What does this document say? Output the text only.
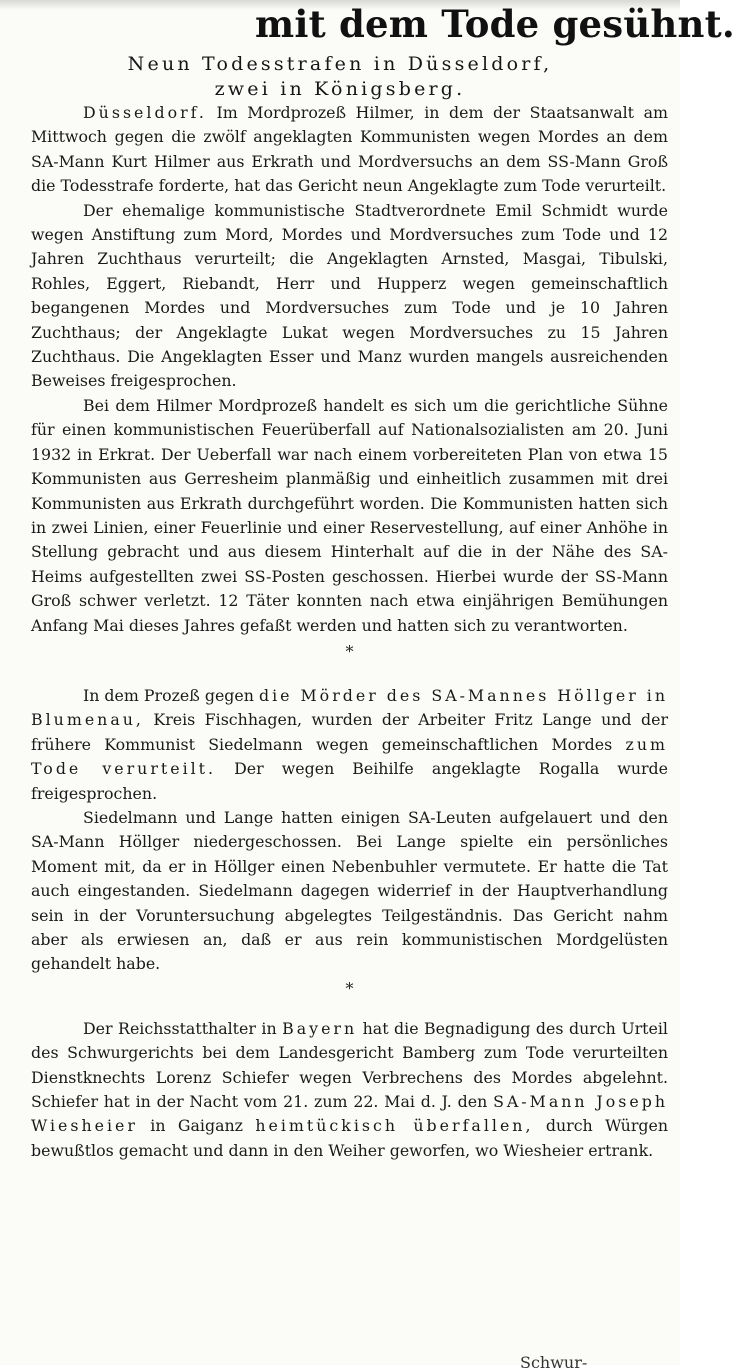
mit dem Tode gesühnt.
Neun Todesstrafen in Düsseldorf,
zwei in Königsberg.

Düsseldorf. Im Mordprozeß Hilmer, in dem der Staatsanwalt am Mittwoch gegen die zwölf angeklagten Kommunisten wegen Mordes an dem SA-Mann Kurt Hilmer aus Erkrath und Mordversuchs an dem SS-Mann Groß die Todesstrafe forderte, hat das Gericht neun Angeklagte zum Tode verurteilt.

Der ehemalige kommunistische Stadtverordnete Emil Schmidt wurde wegen Anstiftung zum Mord, Mordes und Mordversuches zum Tode und 12 Jahren Zuchthaus verurteilt; die Angeklagten Arnsted, Masgai, Tibulski, Rohles, Eggert, Riebandt, Herr und Hupperz wegen gemeinschaftlich begangenen Mordes und Mordversuches zum Tode und je 10 Jahren Zuchthaus; der Angeklagte Lukat wegen Mordversuches zu 15 Jahren Zuchthaus. Die Angeklagten Esser und Manz wurden mangels ausreichenden Beweises freigesprochen.

Bei dem Hilmer Mordprozeß handelt es sich um die gerichtliche Sühne für einen kommunistischen Feuerüberfall auf Nationalsozialisten am 20. Juni 1932 in Erkrat. Der Ueberfall war nach einem vorbereiteten Plan von etwa 15 Kommunisten aus Gerresheim planmäßig und einheitlich zusammen mit drei Kommunisten aus Erkrath durchgeführt worden. Die Kommunisten hatten sich in zwei Linien, einer Feuerlinie und einer Reservestellung, auf einer Anhöhe in Stellung gebracht und aus diesem Hinterhalt auf die in der Nähe des SA-Heims aufgestellten zwei SS-Posten geschossen. Hierbei wurde der SS-Mann Groß schwer verletzt. 12 Täter konnten nach etwa einjährigen Bemühungen Anfang Mai dieses Jahres gefaßt werden und hatten sich zu verantworten.

*

In dem Prozeß gegen die Mörder des SA-Mannes Höllger in Blumenau, Kreis Fischhagen, wurden der Arbeiter Fritz Lange und der frühere Kommunist Siedelmann wegen gemeinschaftlichen Mordes zum Tode verurteilt. Der wegen Beihilfe angeklagte Rogalla wurde freigesprochen.

Siedelmann und Lange hatten einigen SA-Leuten aufgelauert und den SA-Mann Höllger niedergeschossen. Bei Lange spielte ein persönliches Moment mit, da er in Höllger einen Nebenbuhler vermutete. Er hatte die Tat auch eingestanden. Siedelmann dagegen widerrief in der Hauptverhandlung sein in der Voruntersuchung abgelegtes Teilgeständnis. Das Gericht nahm aber als erwiesen an, daß er aus rein kommunistischen Mordgelüsten gehandelt habe.

*

Der Reichsstatthalter in Bayern hat die Begnadigung des durch Urteil des Schwurgerichts bei dem Landesgericht Bamberg zum Tode verurteilten Dienstknechts Lorenz Schiefer wegen Verbrechens des Mordes abgelehnt. Schiefer hat in der Nacht vom 21. zum 22. Mai d. J. den SA-Mann Joseph Wiesheier in Gaiganz heimtückisch überfallen, durch Würgen bewußtlos gemacht und dann in den Weiher geworfen, wo Wiesheier ertrank.

Schwur-
